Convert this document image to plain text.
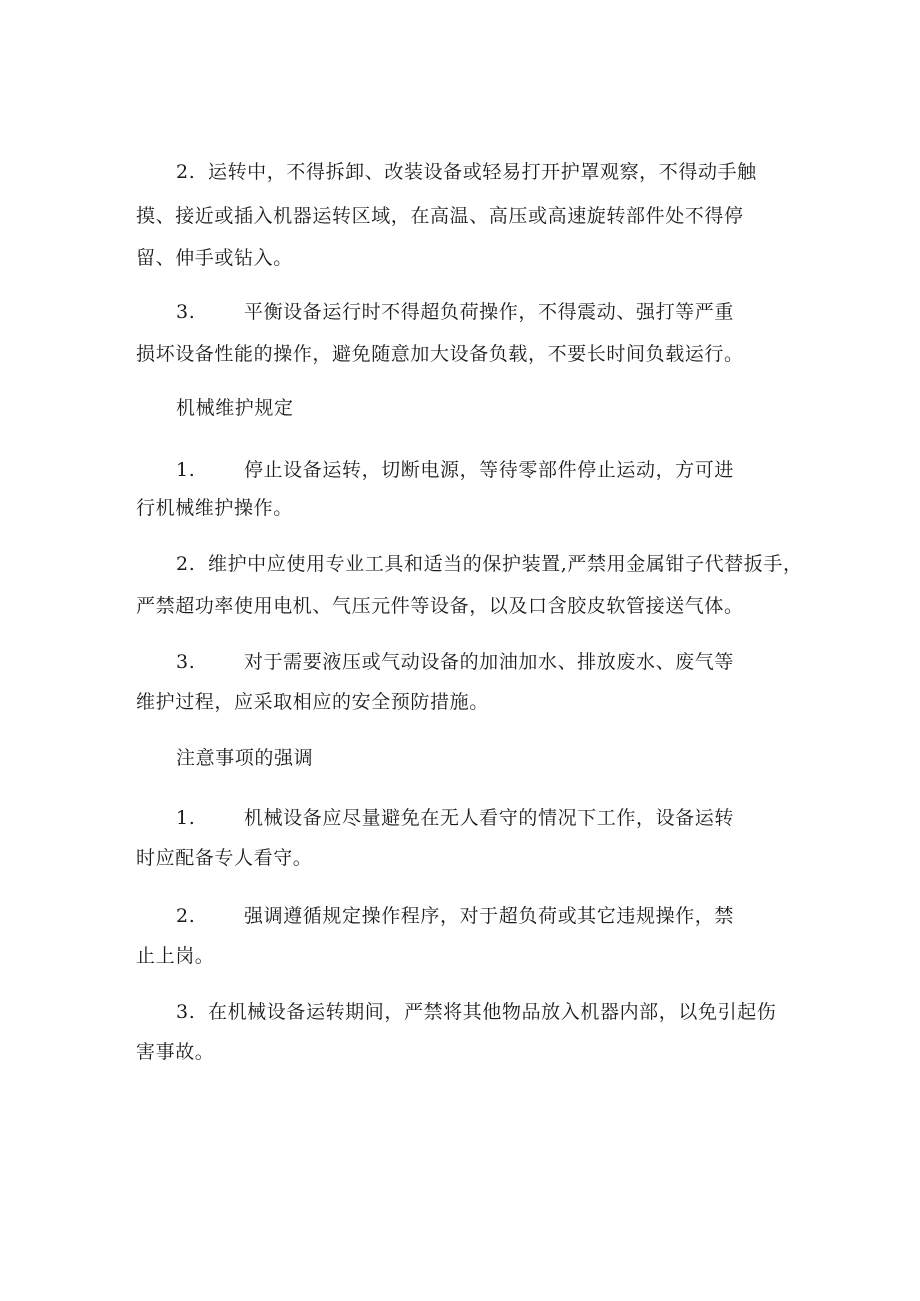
2. 运转中，不得拆卸、改装设备或轻易打开护罩观察，不得动手触
摸、接近或插入机器运转区域，在高温、高压或高速旋转部件处不得停
留、伸手或钻入。
3.	平衡设备运行时不得超负荷操作，不得震动、强打等严重
损坏设备性能的操作，避免随意加大设备负载，不要长时间负载运行。
机械维护规定
1.	停止设备运转，切断电源，等待零部件停止运动，方可进
行机械维护操作。
2. 维护中应使用专业工具和适当的保护装置,严禁用金属钳子代替扳手，
严禁超功率使用电机、气压元件等设备，以及口含胶皮软管接送气体。
3.	对于需要液压或气动设备的加油加水、排放废水、废气等
维护过程，应采取相应的安全预防措施。
注意事项的强调
1.	机械设备应尽量避免在无人看守的情况下工作，设备运转
时应配备专人看守。
2.	强调遵循规定操作程序，对于超负荷或其它违规操作，禁
止上岗。
3. 在机械设备运转期间，严禁将其他物品放入机器内部，以免引起伤
害事故。
